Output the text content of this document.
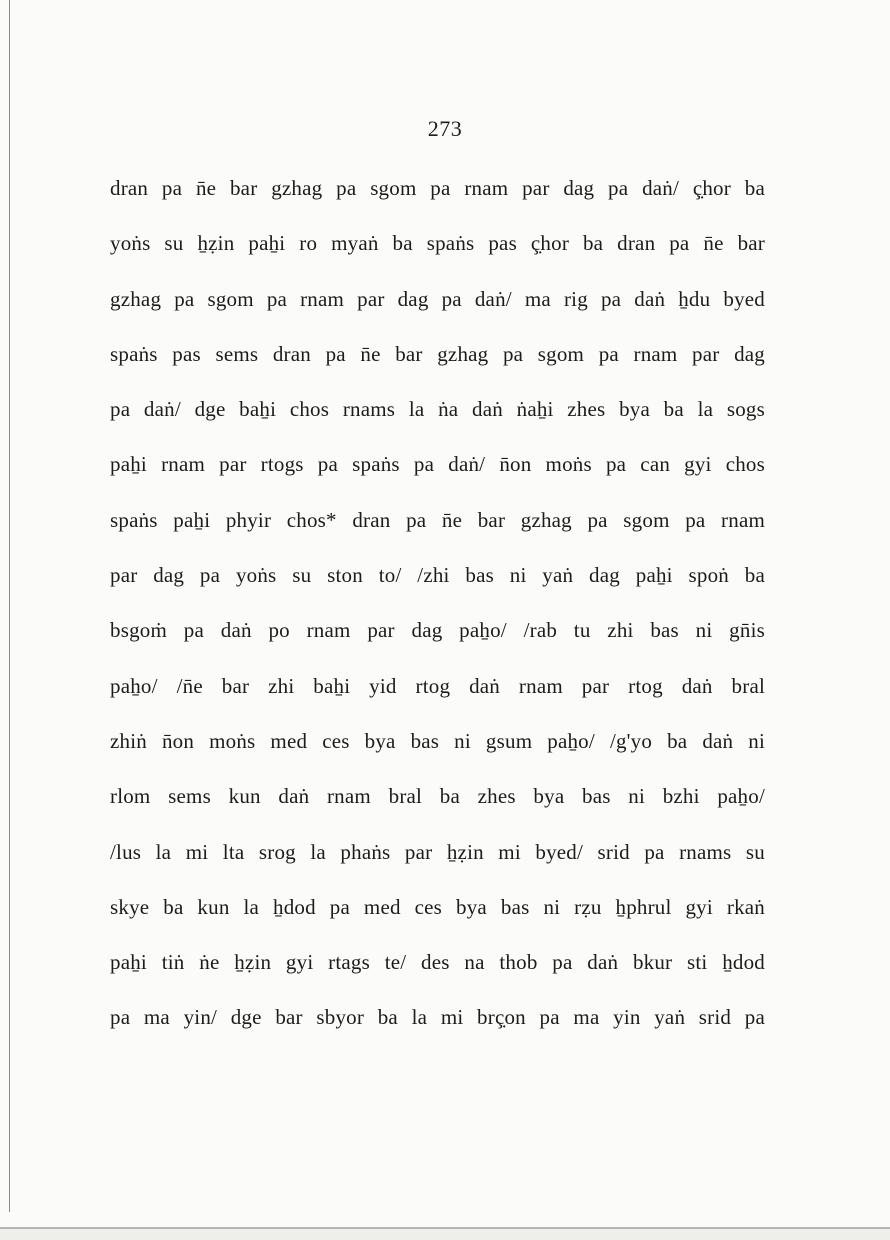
273
dran pa n̄e bar gzhag pa sgom pa rnam par dag pa daṅ/ ç̣hor ba
yoṅs su ẖẓin paẖi ro myaṅ ba spaṅs pas ç̣hor ba dran pa n̄e bar
gzhag pa sgom pa rnam par dag pa daṅ/ ma rig pa daṅ ẖdu byed
spaṅs pas sems dran pa n̄e bar gzhag pa sgom pa rnam par dag
pa daṅ/ dge baẖi chos rnams la ṅa daṅ ṅaẖi zhes bya ba la sogs
paẖi rnam par rtogs pa spaṅs pa daṅ/ n̄on moṅs pa can gyi chos
spaṅs paẖi phyir chos* dran pa n̄e bar gzhag pa sgom pa rnam
par dag pa yoṅs su ston to/ /zhi bas ni yaṅ dag paẖi spoṅ ba
bsgoṁ pa daṅ po rnam par dag paẖo/ /rab tu zhi bas ni gn̄is
paẖo/ /n̄e bar zhi baẖi yid rtog daṅ rnam par rtog daṅ bral
zhiṅ n̄on moṅs med ces bya bas ni gsum paẖo/ /g'yo ba daṅ ni
rlom sems kun daṅ rnam bral ba zhes bya bas ni bzhi paẖo/
/lus la mi lta srog la phaṅs par ẖẓin mi byed/ srid pa rnams su
skye ba kun la ẖdod pa med ces bya bas ni rẓu ẖphrul gyi rkaṅ
paẖi tiṅ ṅe ẖẓin gyi rtags te/ des na thob pa daṅ bkur sti ẖdod
pa ma yin/ dge bar sbyor ba la mi brç̣on pa ma yin yaṅ srid pa
